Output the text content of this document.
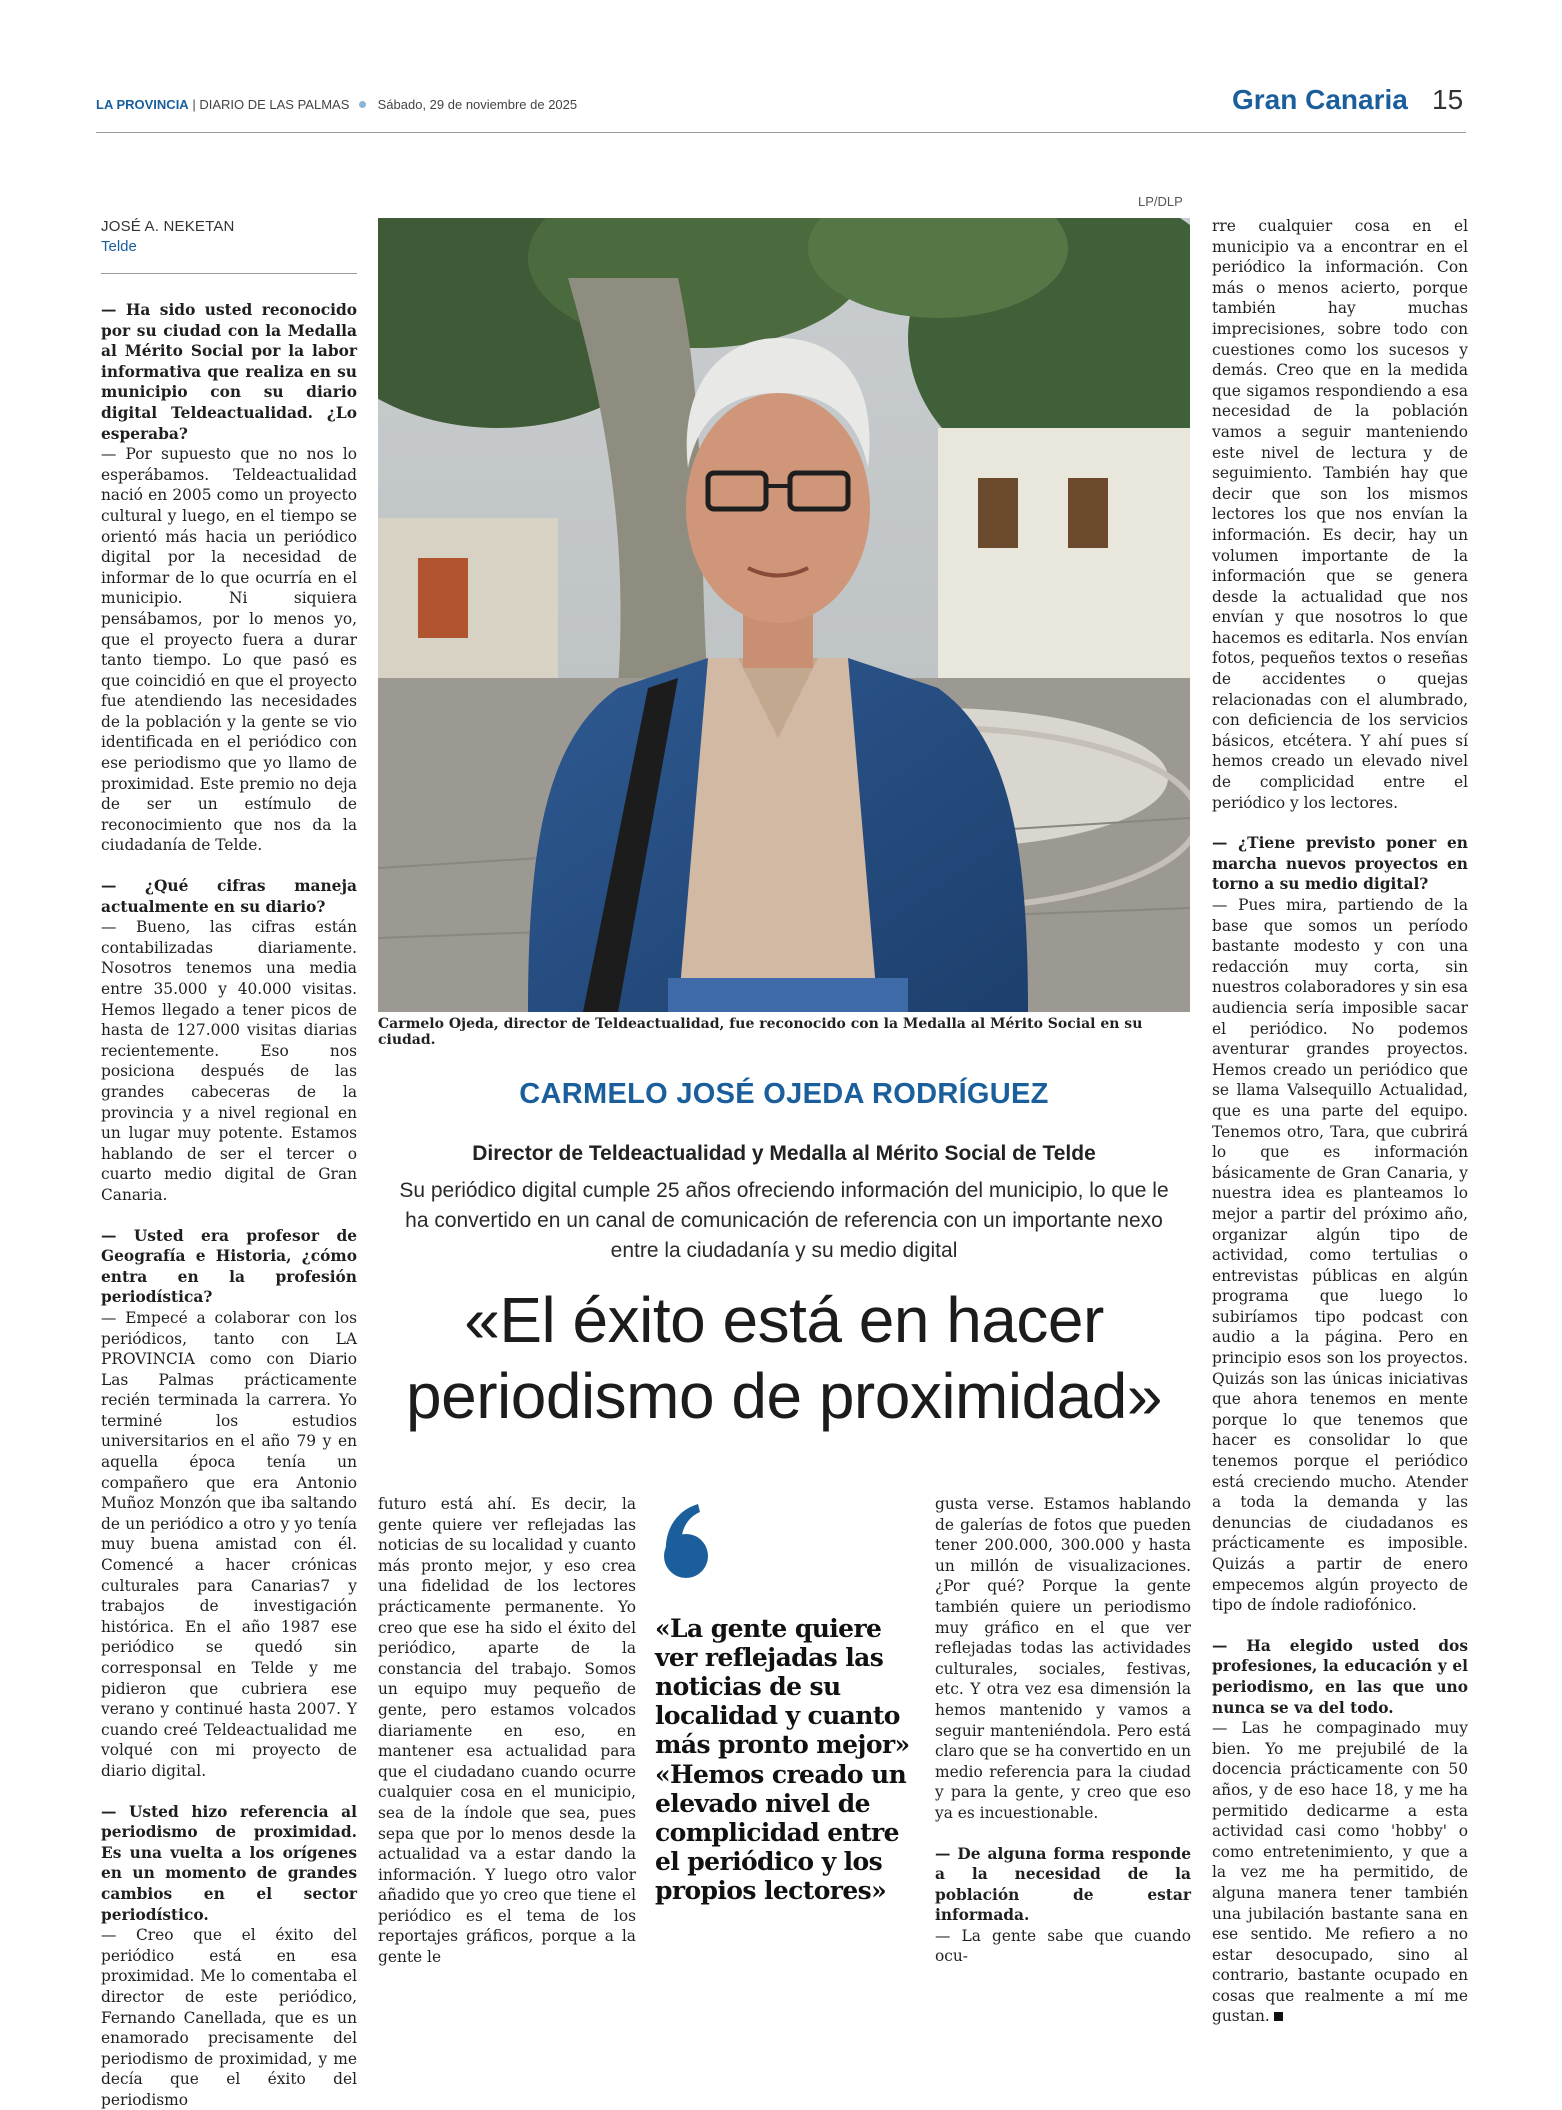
LA PROVINCIA | DIARIO DE LAS PALMAS Sábado, 29 de noviembre de 2025	Gran Canaria 15
JOSÉ A. NEKETAN
Telde

— Ha sido usted reconocido por su ciudad con la Medalla al Mérito Social por la labor informativa que realiza en su municipio con su diario digital Teldeactualidad. ¿Lo esperaba?

— Por supuesto que no nos lo esperábamos. Teldeactualidad nació en 2005 como un proyecto cultural y luego, en el tiempo se orientó más hacia un periódico digital por la necesidad de informar de lo que ocurría en el municipio. Ni siquiera pensábamos, por lo menos yo, que el proyecto fuera a durar tanto tiempo. Lo que pasó es que coincidió en que el proyecto fue atendiendo las necesidades de la población y la gente se vio identificada en el periódico con ese periodismo que yo llamo de proximidad. Este premio no deja de ser un estímulo de reconocimiento que nos da la ciudadanía de Telde.

— ¿Qué cifras maneja actualmente en su diario?

— Bueno, las cifras están contabilizadas diariamente. Nosotros tenemos una media entre 35.000 y 40.000 visitas. Hemos llegado a tener picos de hasta de 127.000 visitas diarias recientemente. Eso nos posiciona después de las grandes cabeceras de la provincia y a nivel regional en un lugar muy potente. Estamos hablando de ser el tercer o cuarto medio digital de Gran Canaria.

— Usted era profesor de Geografía e Historia, ¿cómo entra en la profesión periodística?

— Empecé a colaborar con los periódicos, tanto con LA PROVINCIA como con Diario Las Palmas prácticamente recién terminada la carrera. Yo terminé los estudios universitarios en el año 79 y en aquella época tenía un compañero que era Antonio Muñoz Monzón que iba saltando de un periódico a otro y yo tenía muy buena amistad con él. Comencé a hacer crónicas culturales para Canarias7 y trabajos de investigación histórica. En el año 1987 ese periódico se quedó sin corresponsal en Telde y me pidieron que cubriera ese verano y continué hasta 2007. Y cuando creé Teldeactualidad me volqué con mi proyecto de diario digital.

— Usted hizo referencia al periodismo de proximidad. Es una vuelta a los orígenes en un momento de grandes cambios en el sector periodístico.

— Creo que el éxito del periódico está en esa proximidad. Me lo comentaba el director de este periódico, Fernando Canellada, que es un enamorado precisamente del periodismo de proximidad, y me decía que el éxito del periodismo

LP/DLP
Carmelo Ojeda, director de Teldeactualidad, fue reconocido con la Medalla al Mérito Social en su ciudad.
CARMELO JOSÉ OJEDA RODRÍGUEZ
Director de Teldeactualidad y Medalla al Mérito Social de Telde
Su periódico digital cumple 25 años ofreciendo información del municipio, lo que le ha convertido en un canal de comunicación de referencia con un importante nexo entre la ciudadanía y su medio digital
«El éxito está en hacer
periodismo de proximidad»

futuro está ahí. Es decir, la gente quiere ver reflejadas las noticias de su localidad y cuanto más pronto mejor, y eso crea una fidelidad de los lectores prácticamente permanente. Yo creo que ese ha sido el éxito del periódico, aparte de la constancia del trabajo. Somos un equipo muy pequeño de gente, pero estamos volcados diariamente en eso, en mantener esa actualidad para que el ciudadano cuando ocurre cualquier cosa en el municipio, sea de la índole que sea, pues sepa que por lo menos desde la actualidad va a estar dando la información. Y luego otro valor añadido que yo creo que tiene el periódico es el tema de los reportajes gráficos, porque a la gente le

«La gente quiere ver reflejadas las noticias de su localidad y cuanto más pronto mejor»
«Hemos creado un elevado nivel de complicidad entre el periódico y los propios lectores»

gusta verse. Estamos hablando de galerías de fotos que pueden tener 200.000, 300.000 y hasta un millón de visualizaciones. ¿Por qué? Porque la gente también quiere un periodismo muy gráfico en el que ver reflejadas todas las actividades culturales, sociales, festivas, etc. Y otra vez esa dimensión la hemos mantenido y vamos a seguir manteniéndola. Pero está claro que se ha convertido en un medio referencia para la ciudad y para la gente, y creo que eso ya es incuestionable.

— De alguna forma responde a la necesidad de la población de estar informada.

— La gente sabe que cuando ocu-

rre cualquier cosa en el municipio va a encontrar en el periódico la información. Con más o menos acierto, porque también hay muchas imprecisiones, sobre todo con cuestiones como los sucesos y demás. Creo que en la medida que sigamos respondiendo a esa necesidad de la población vamos a seguir manteniendo este nivel de lectura y de seguimiento. También hay que decir que son los mismos lectores los que nos envían la información. Es decir, hay un volumen importante de la información que se genera desde la actualidad que nos envían y que nosotros lo que hacemos es editarla. Nos envían fotos, pequeños textos o reseñas de accidentes o quejas relacionadas con el alumbrado, con deficiencia de los servicios básicos, etcétera. Y ahí pues sí hemos creado un elevado nivel de complicidad entre el periódico y los lectores.

— ¿Tiene previsto poner en marcha nuevos proyectos en torno a su medio digital?

— Pues mira, partiendo de la base que somos un período bastante modesto y con una redacción muy corta, sin nuestros colaboradores y sin esa audiencia sería imposible sacar el periódico. No podemos aventurar grandes proyectos. Hemos creado un periódico que se llama Valsequillo Actualidad, que es una parte del equipo. Tenemos otro, Tara, que cubrirá lo que es información básicamente de Gran Canaria, y nuestra idea es planteamos lo mejor a partir del próximo año, organizar algún tipo de actividad, como tertulias o entrevistas públicas en algún programa que luego lo subiríamos tipo podcast con audio a la página. Pero en principio esos son los proyectos. Quizás son las únicas iniciativas que ahora tenemos en mente porque lo que tenemos que hacer es consolidar lo que tenemos porque el periódico está creciendo mucho. Atender a toda la demanda y las denuncias de ciudadanos es prácticamente es imposible. Quizás a partir de enero empecemos algún proyecto de tipo de índole radiofónico.

— Ha elegido usted dos profesiones, la educación y el periodismo, en las que uno nunca se va del todo.

— Las he compaginado muy bien. Yo me prejubilé de la docencia prácticamente con 50 años, y de eso hace 18, y me ha permitido dedicarme a esta actividad casi como 'hobby' o como entretenimiento, y que a la vez me ha permitido, de alguna manera tener también una jubilación bastante sana en ese sentido. Me refiero a no estar desocupado, sino al contrario, bastante ocupado en cosas que realmente a mí me gustan.
